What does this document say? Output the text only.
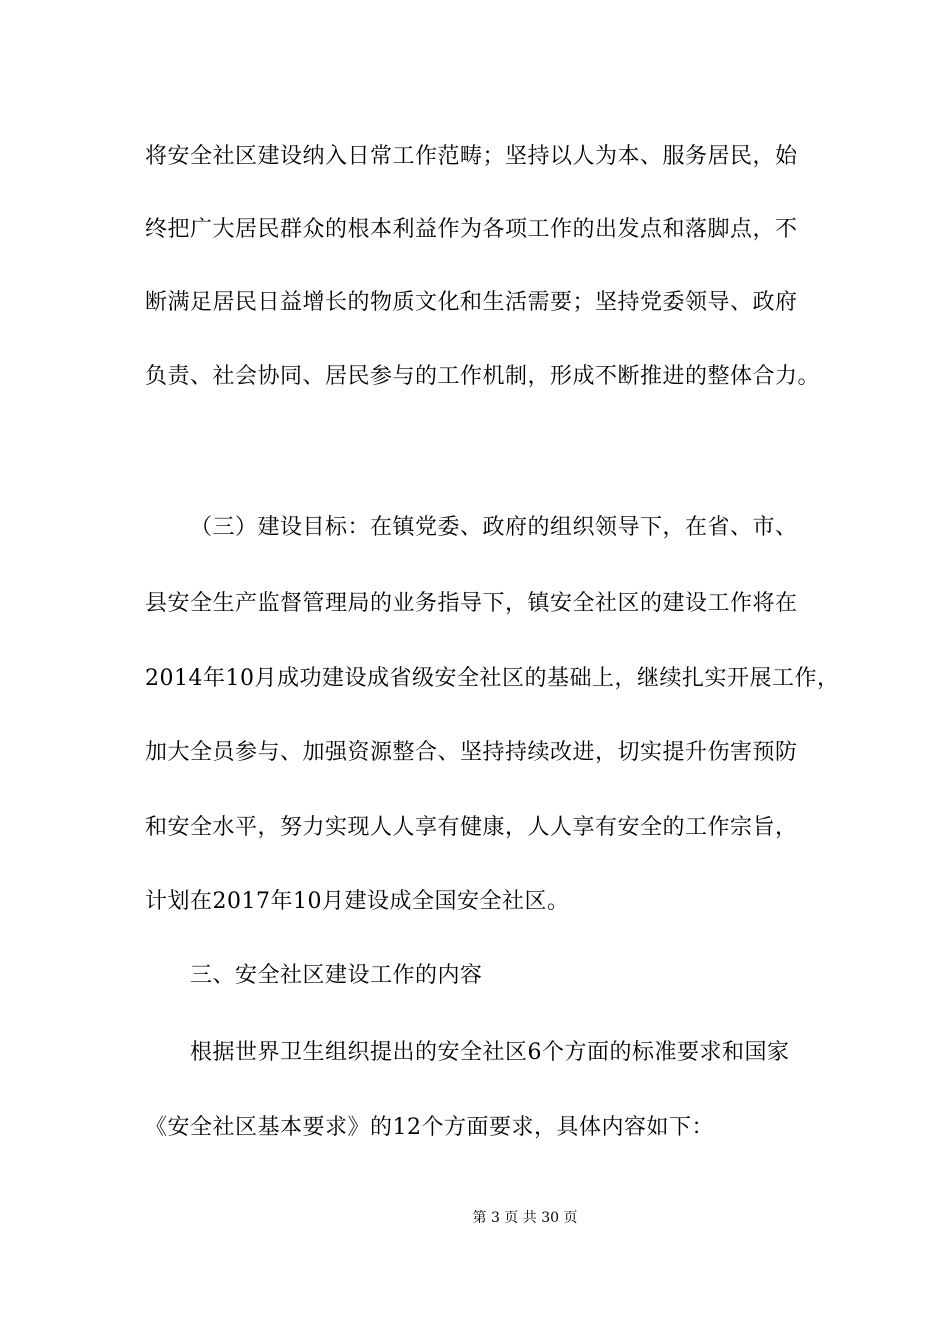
将安全社区建设纳入日常工作范畴；坚持以人为本、服务居民，始
终把广大居民群众的根本利益作为各项工作的出发点和落脚点，不
断满足居民日益增长的物质文化和生活需要；坚持党委领导、政府
负责、社会协同、居民参与的工作机制，形成不断推进的整体合力。
（三）建设目标：在镇党委、政府的组织领导下，在省、市、
县安全生产监督管理局的业务指导下，镇安全社区的建设工作将在
2014年10月成功建设成省级安全社区的基础上，继续扎实开展工作，
加大全员参与、加强资源整合、坚持持续改进，切实提升伤害预防
和安全水平，努力实现人人享有健康，人人享有安全的工作宗旨，
计划在2017年10月建设成全国安全社区。
三、安全社区建设工作的内容
根据世界卫生组织提出的安全社区6个方面的标准要求和国家
《安全社区基本要求》的12个方面要求，具体内容如下：
第 3 页 共 30 页
